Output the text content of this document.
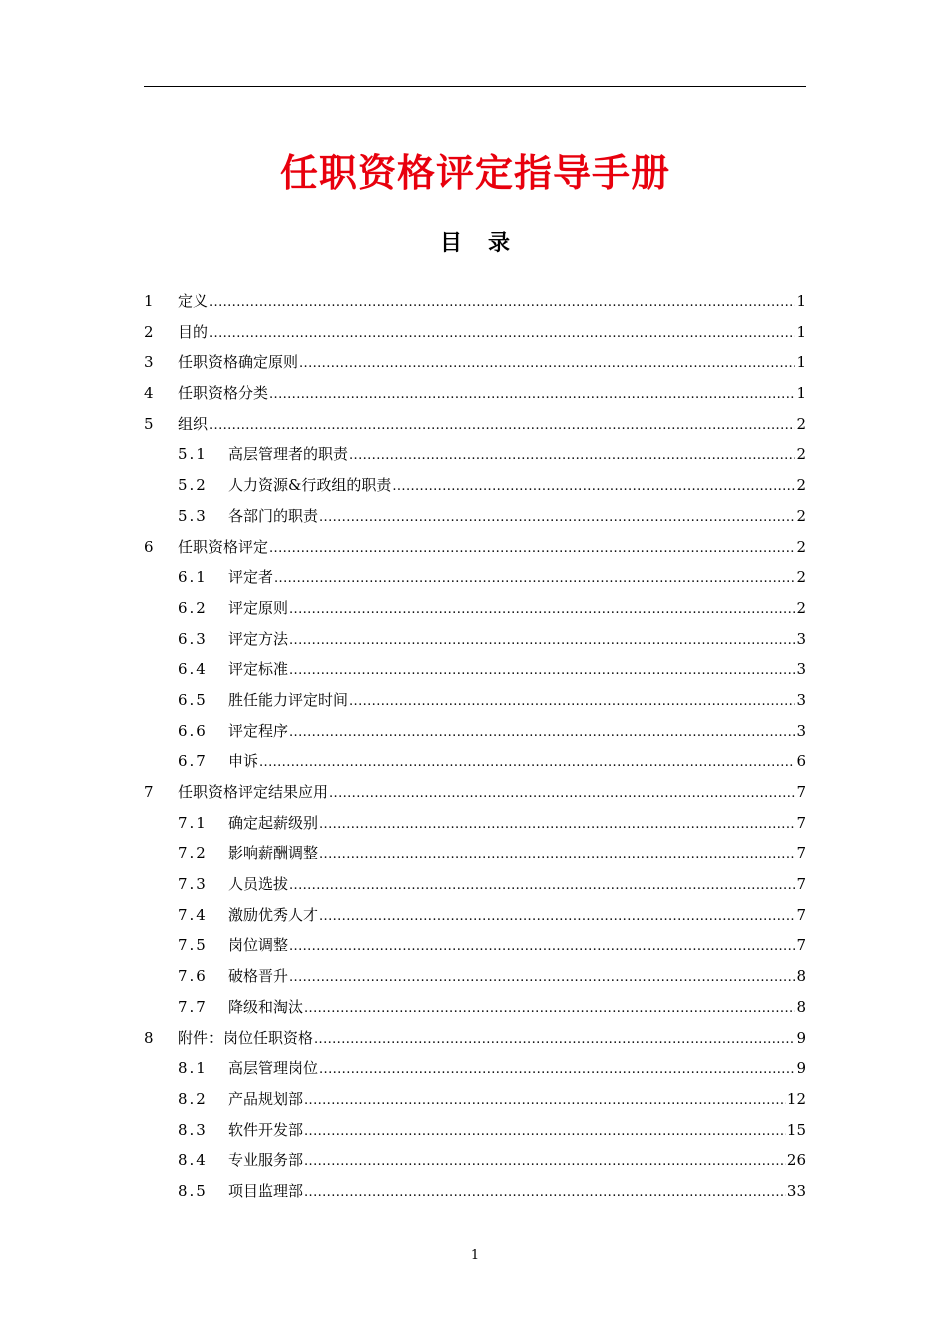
任职资格评定指导手册
目 录
1	定义 .....	1
2	目的 .....	1
3	任职资格确定原则 .....	1
4	任职资格分类 .....	1
5	组织 .....	2
5.1	高层管理者的职责 .....	2
5.2	人力资源&行政组的职责 .....	2
5.3	各部门的职责 .....	2
6	任职资格评定 .....	2
6.1	评定者 .....	2
6.2	评定原则 .....	2
6.3	评定方法 .....	3
6.4	评定标准 .....	3
6.5	胜任能力评定时间 .....	3
6.6	评定程序 .....	3
6.7	申诉 .....	6
7	任职资格评定结果应用 .....	7
7.1	确定起薪级别 .....	7
7.2	影响薪酬调整 .....	7
7.3	人员选拔 .....	7
7.4	激励优秀人才 .....	7
7.5	岗位调整 .....	7
7.6	破格晋升 .....	8
7.7	降级和淘汰 .....	8
8	附件：岗位任职资格 .....	9
8.1	高层管理岗位 .....	9
8.2	产品规划部 .....	12
8.3	软件开发部 .....	15
8.4	专业服务部 .....	26
8.5	项目监理部 .....	33
1
